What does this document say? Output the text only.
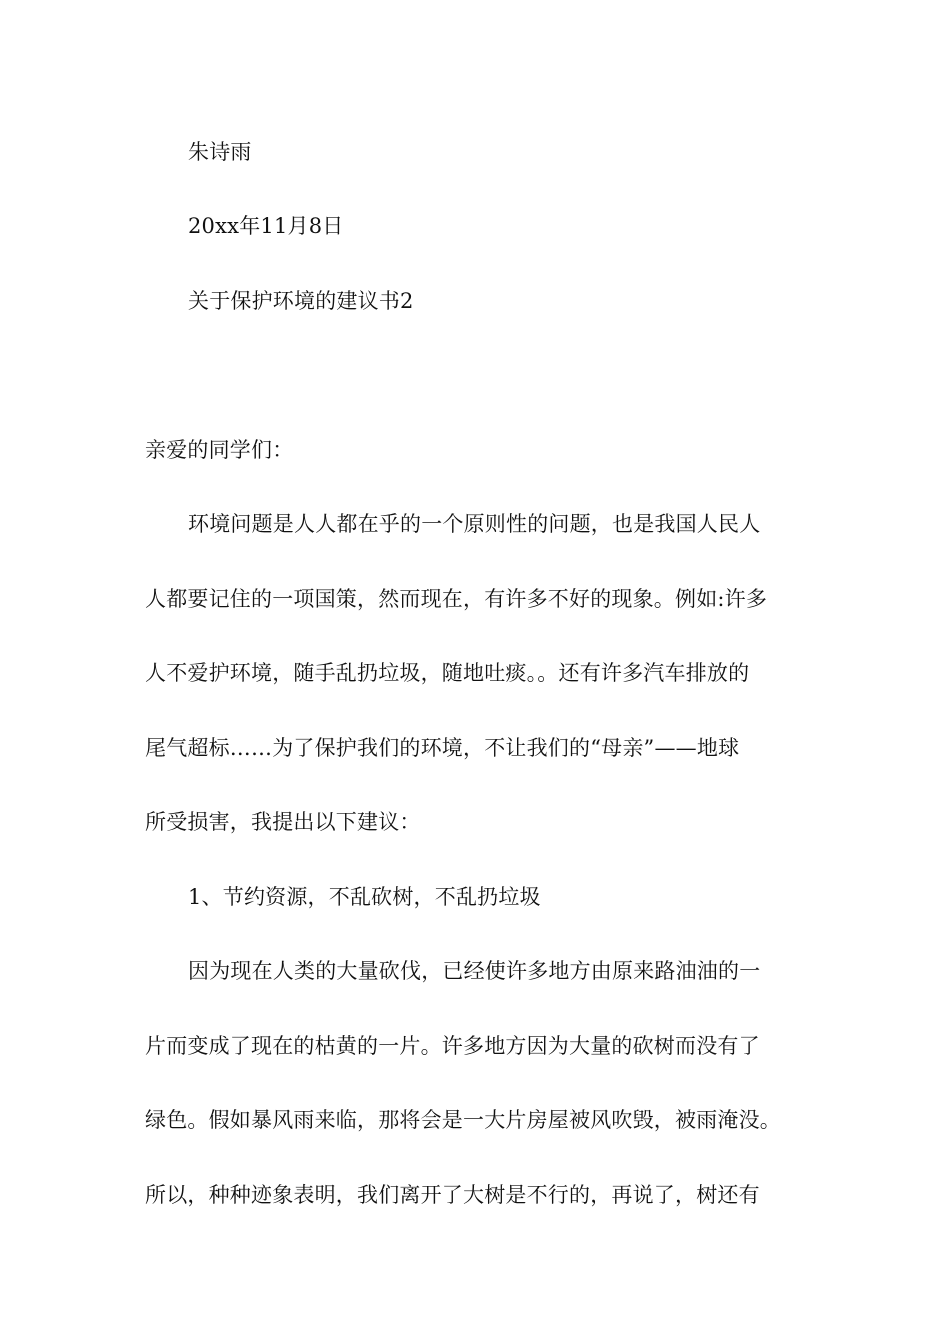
朱诗雨
20xx年11月8日
关于保护环境的建议书2
亲爱的同学们：
环境问题是人人都在乎的一个原则性的问题，也是我国人民人
人都要记住的一项国策，然而现在，有许多不好的现象。例如:许多
人不爱护环境，随手乱扔垃圾，随地吐痰。。还有许多汽车排放的
尾气超标……为了保护我们的环境，不让我们的“母亲”——地球
所受损害，我提出以下建议：
1、节约资源，不乱砍树，不乱扔垃圾
因为现在人类的大量砍伐，已经使许多地方由原来路油油的一
片而变成了现在的枯黄的一片。许多地方因为大量的砍树而没有了
绿色。假如暴风雨来临，那将会是一大片房屋被风吹毁，被雨淹没。
所以，种种迹象表明，我们离开了大树是不行的，再说了，树还有
